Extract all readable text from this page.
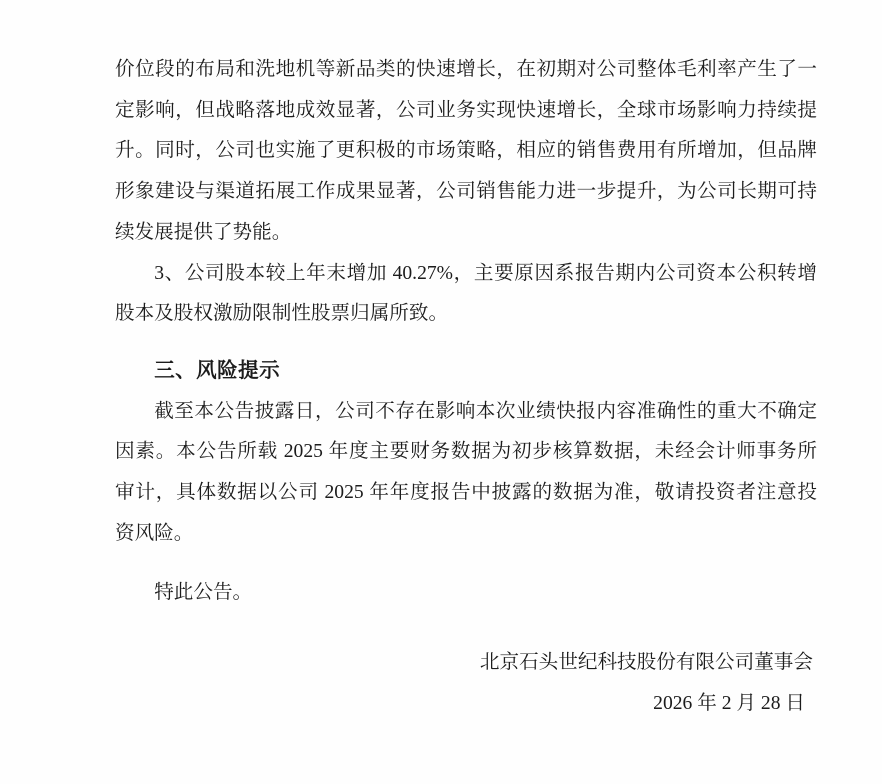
价位段的布局和洗地机等新品类的快速增长，在初期对公司整体毛利率产生了一
定影响，但战略落地成效显著，公司业务实现快速增长，全球市场影响力持续提
升。同时，公司也实施了更积极的市场策略，相应的销售费用有所增加，但品牌
形象建设与渠道拓展工作成果显著，公司销售能力进一步提升，为公司长期可持
续发展提供了势能。
3、公司股本较上年末增加 40.27%，主要原因系报告期内公司资本公积转增
股本及股权激励限制性股票归属所致。
三、风险提示
截至本公告披露日，公司不存在影响本次业绩快报内容准确性的重大不确定
因素。本公告所载 2025 年度主要财务数据为初步核算数据，未经会计师事务所
审计，具体数据以公司 2025 年年度报告中披露的数据为准，敬请投资者注意投
资风险。
特此公告。
北京石头世纪科技股份有限公司董事会
2026 年 2 月 28 日
